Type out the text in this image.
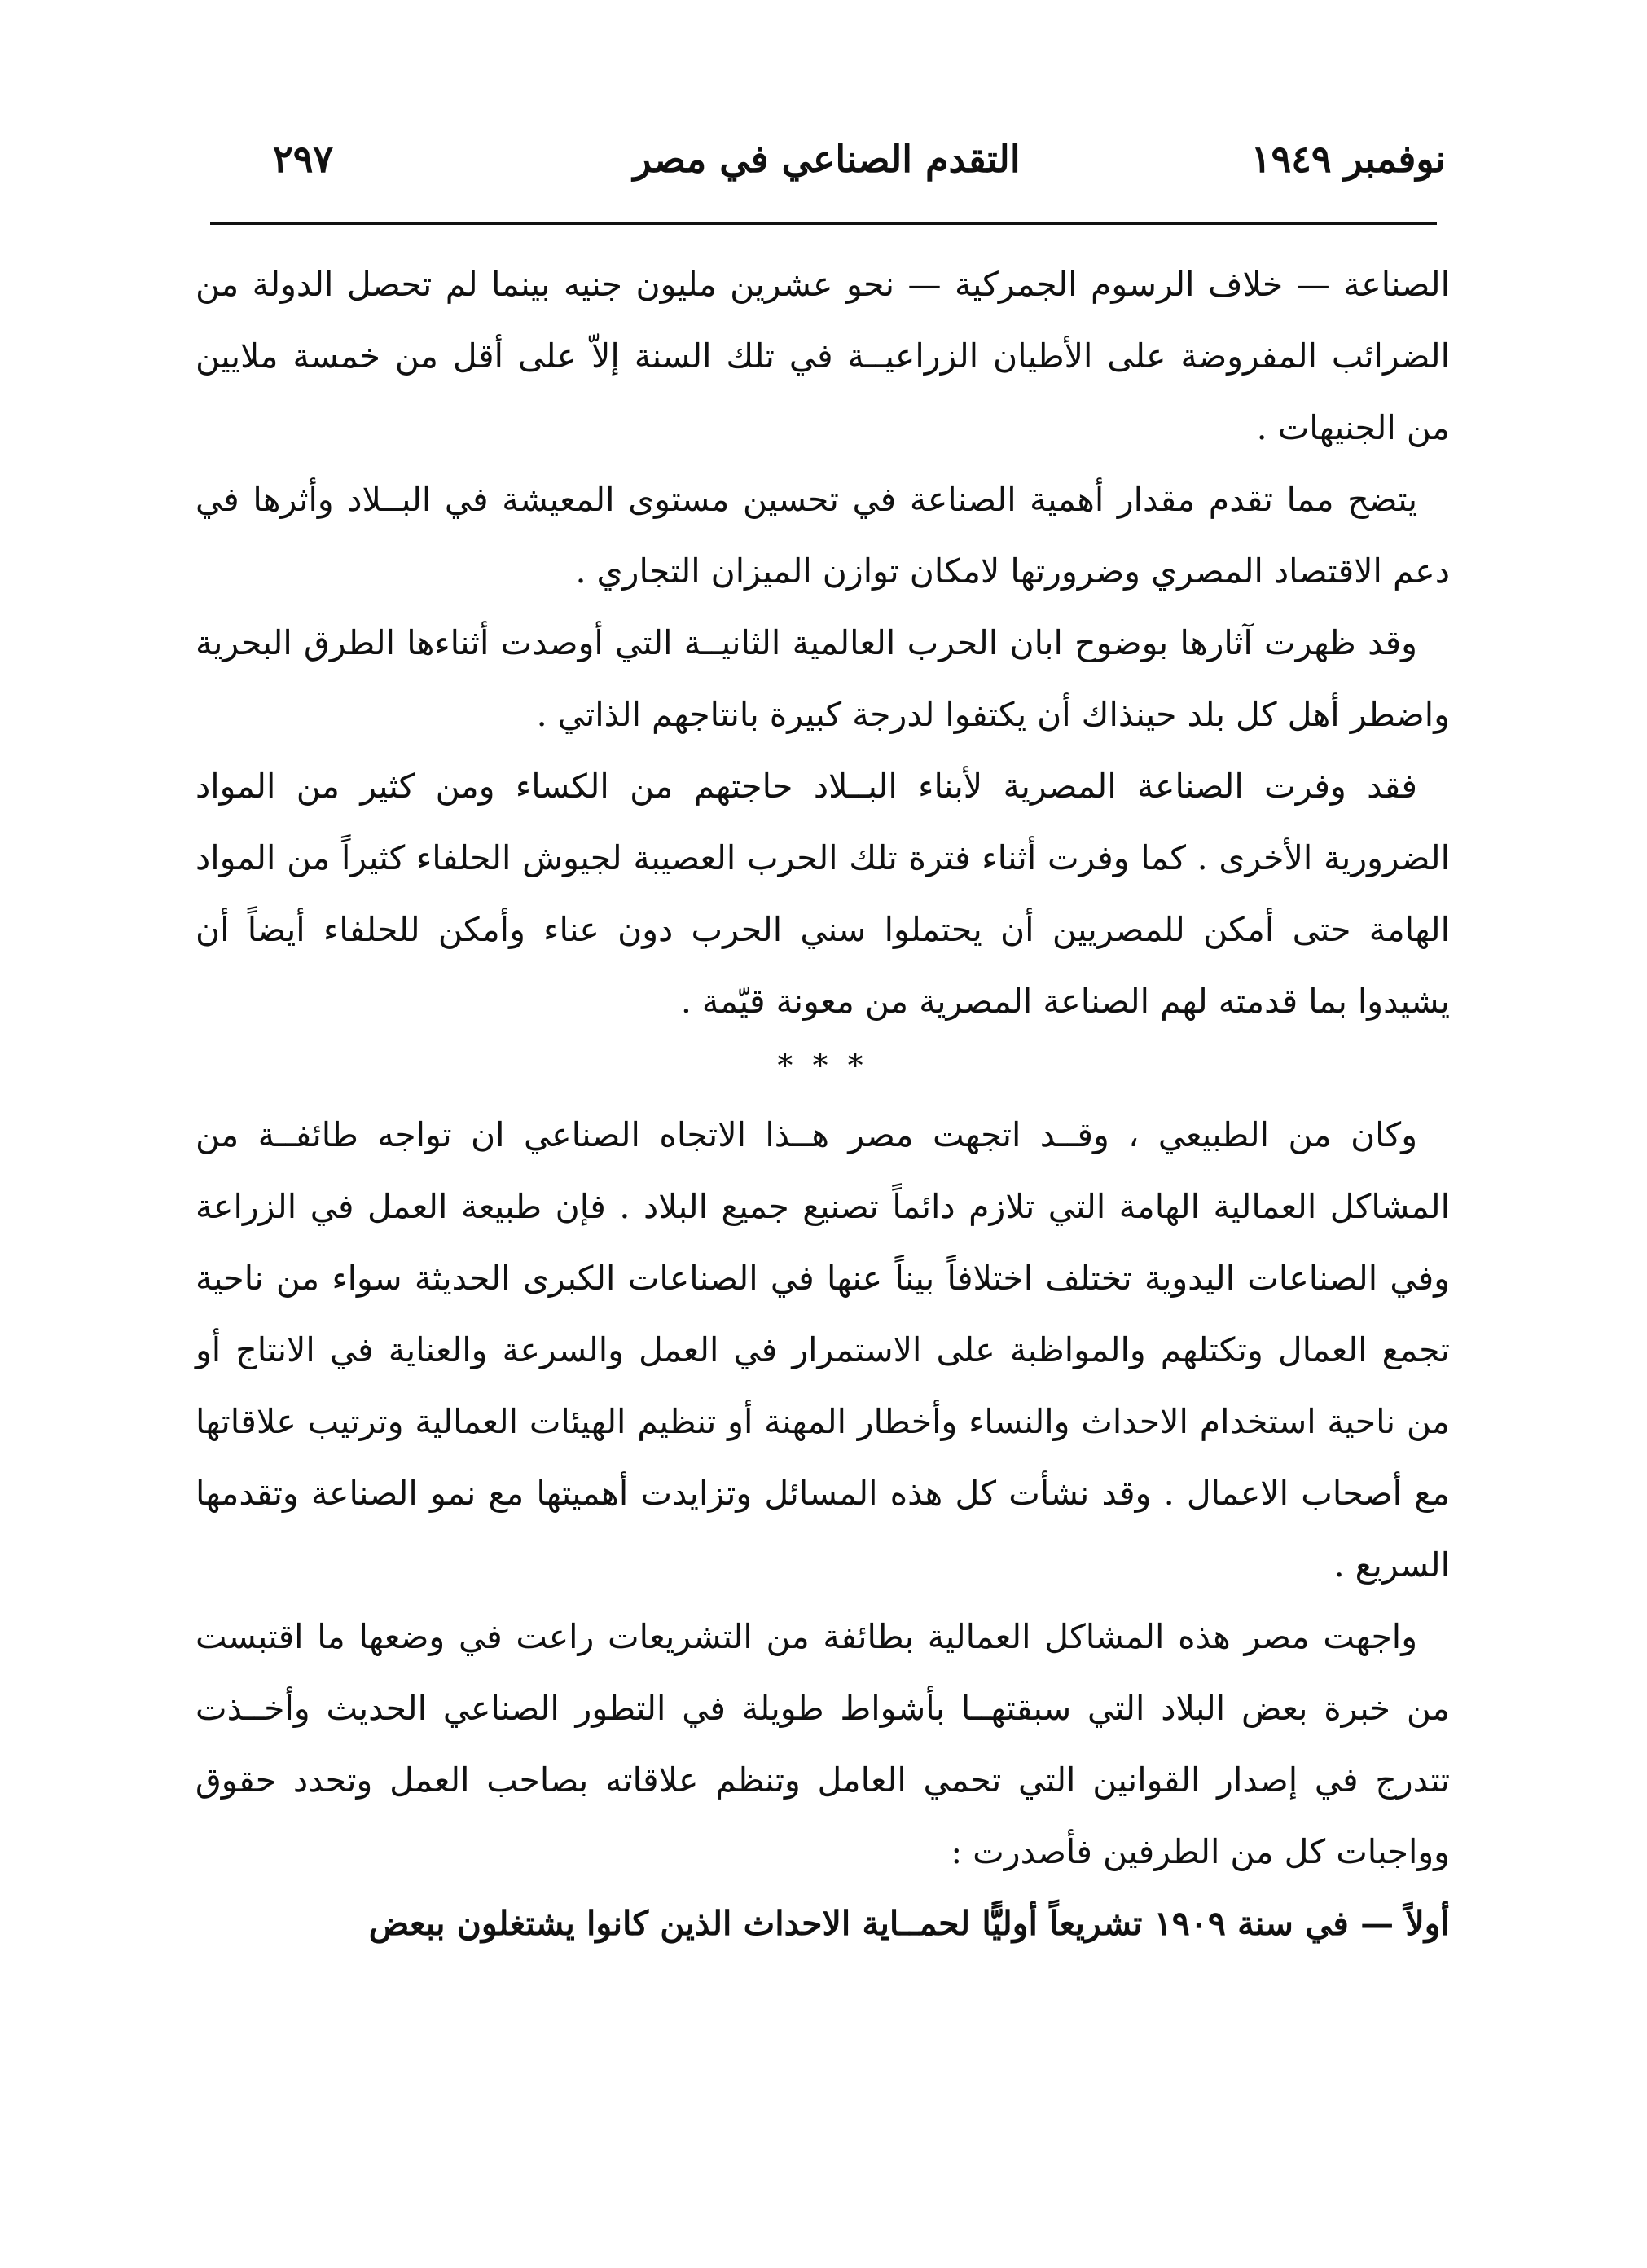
نوفمبر ١٩٤٩
التقدم الصناعي في مصر
٢٩٧

الصناعة — خلاف الرسوم الجمركية — نحو عشرين مليون جنيه بينما لم تحصل الدولة من الضرائب المفروضة على الأطيان الزراعيــة في تلك السنة إلاّ على أقل من خمسة ملايين من الجنيهات .

يتضح مما تقدم مقدار أهمية الصناعة في تحسين مستوى المعيشة في البــلاد وأثرها في دعم الاقتصاد المصري وضرورتها لامكان توازن الميزان التجاري .

وقد ظهرت آثارها بوضوح ابان الحرب العالمية الثانيــة التي أوصدت أثناءها الطرق البحرية واضطر أهل كل بلد حينذاك أن يكتفوا لدرجة كبيرة بانتاجهم الذاتي .

فقد وفرت الصناعة المصرية لأبناء البــلاد حاجتهم من الكساء ومن كثير من المواد الضرورية الأخرى . كما وفرت أثناء فترة تلك الحرب العصيبة لجيوش الحلفاء كثيراً من المواد الهامة حتى أمكن للمصريين أن يحتملوا سني الحرب دون عناء وأمكن للحلفاء أيضاً أن يشيدوا بما قدمته لهم الصناعة المصرية من معونة قيّمة .

* * *

وكان من الطبيعي ، وقــد اتجهت مصر هــذا الاتجاه الصناعي ان تواجه طائفــة من المشاكل العمالية الهامة التي تلازم دائماً تصنيع جميع البلاد . فإن طبيعة العمل في الزراعة وفي الصناعات اليدوية تختلف اختلافاً بيناً عنها في الصناعات الكبرى الحديثة سواء من ناحية تجمع العمال وتكتلهم والمواظبة على الاستمرار في العمل والسرعة والعناية في الانتاج أو من ناحية استخدام الاحداث والنساء وأخطار المهنة أو تنظيم الهيئات العمالية وترتيب علاقاتها مع أصحاب الاعمال . وقد نشأت كل هذه المسائل وتزايدت أهميتها مع نمو الصناعة وتقدمها السريع .

واجهت مصر هذه المشاكل العمالية بطائفة من التشريعات راعت في وضعها ما اقتبست من خبرة بعض البلاد التي سبقتهــا بأشواط طويلة في التطور الصناعي الحديث وأخــذت تتدرج في إصدار القوانين التي تحمي العامل وتنظم علاقاته بصاحب العمل وتحدد حقوق وواجبات كل من الطرفين فأصدرت :

أولاً — في سنة ١٩٠٩ تشريعاً أوليًّا لحمــاية الاحداث الذين كانوا يشتغلون ببعض
